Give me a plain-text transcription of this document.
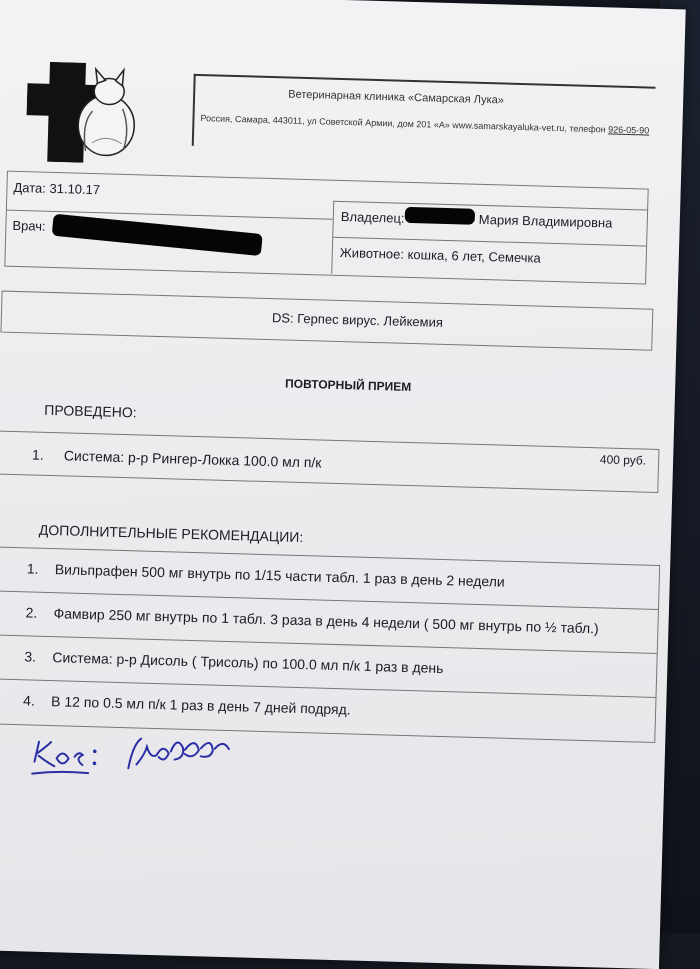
Ветеринарная клиника «Самарская Лука»
Россия, Самара, 443011, ул Советской Армии, дом 201 «А» www.samarskayaluka-vet.ru, телефон 926-05-90
Дата: 31.10.17
Врач:
Владелец:	Мария Владимировна
Животное: кошка, 6 лет, Семечка
DS: Герпес вирус. Лейкемия
ПОВТОРНЫЙ ПРИЕМ
ПРОВЕДЕНО:
1. Система: р-р Рингер-Локка 100.0 мл п/к	400 руб.
ДОПОЛНИТЕЛЬНЫЕ РЕКОМЕНДАЦИИ:
1. Вильпрафен 500 мг внутрь по 1/15 части табл. 1 раз в день 2 недели
2. Фамвир 250 мг внутрь по 1 табл. 3 раза в день 4 недели ( 500 мг внутрь по ½ табл.)
3. Система: р-р Дисоль ( Трисоль) по 100.0 мл п/к 1 раз в день
4. В 12 по 0.5 мл п/к 1 раз в день 7 дней подряд.
